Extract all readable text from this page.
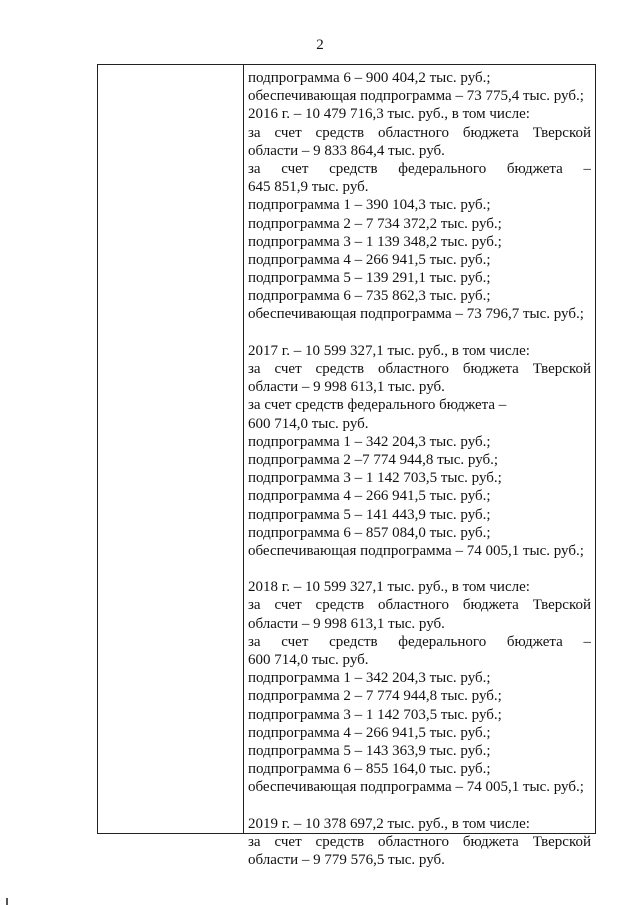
2
подпрограмма 6 – 900 404,2 тыс. руб.;
обеспечивающая подпрограмма – 73 775,4 тыс. руб.;
2016 г. – 10 479 716,3 тыс. руб., в том числе:
за счет средств областного бюджета Тверской
области – 9 833 864,4 тыс. руб.
за счет средств федерального бюджета –
645 851,9 тыс. руб.
подпрограмма 1 – 390 104,3 тыс. руб.;
подпрограмма 2 – 7 734 372,2 тыс. руб.;
подпрограмма 3 – 1 139 348,2 тыс. руб.;
подпрограмма 4 – 266 941,5 тыс. руб.;
подпрограмма 5 – 139 291,1 тыс. руб.;
подпрограмма 6 – 735 862,3 тыс. руб.;
обеспечивающая подпрограмма – 73 796,7 тыс. руб.;
2017 г. – 10 599 327,1 тыс. руб., в том числе:
за счет средств областного бюджета Тверской
области – 9 998 613,1 тыс. руб.
за счет средств федерального бюджета –
600 714,0 тыс. руб.
подпрограмма 1 – 342 204,3 тыс. руб.;
подпрограмма 2 –7 774 944,8 тыс. руб.;
подпрограмма 3 – 1 142 703,5 тыс. руб.;
подпрограмма 4 – 266 941,5 тыс. руб.;
подпрограмма 5 – 141 443,9 тыс. руб.;
подпрограмма 6 – 857 084,0 тыс. руб.;
обеспечивающая подпрограмма – 74 005,1 тыс. руб.;
2018 г. – 10 599 327,1 тыс. руб., в том числе:
за счет средств областного бюджета Тверской
области – 9 998 613,1 тыс. руб.
за счет средств федерального бюджета –
600 714,0 тыс. руб.
подпрограмма 1 – 342 204,3 тыс. руб.;
подпрограмма 2 – 7 774 944,8 тыс. руб.;
подпрограмма 3 – 1 142 703,5 тыс. руб.;
подпрограмма 4 – 266 941,5 тыс. руб.;
подпрограмма 5 – 143 363,9 тыс. руб.;
подпрограмма 6 – 855 164,0 тыс. руб.;
обеспечивающая подпрограмма – 74 005,1 тыс. руб.;
2019 г. – 10 378 697,2 тыс. руб., в том числе:
за счет средств областного бюджета Тверской
области – 9 779 576,5 тыс. руб.
